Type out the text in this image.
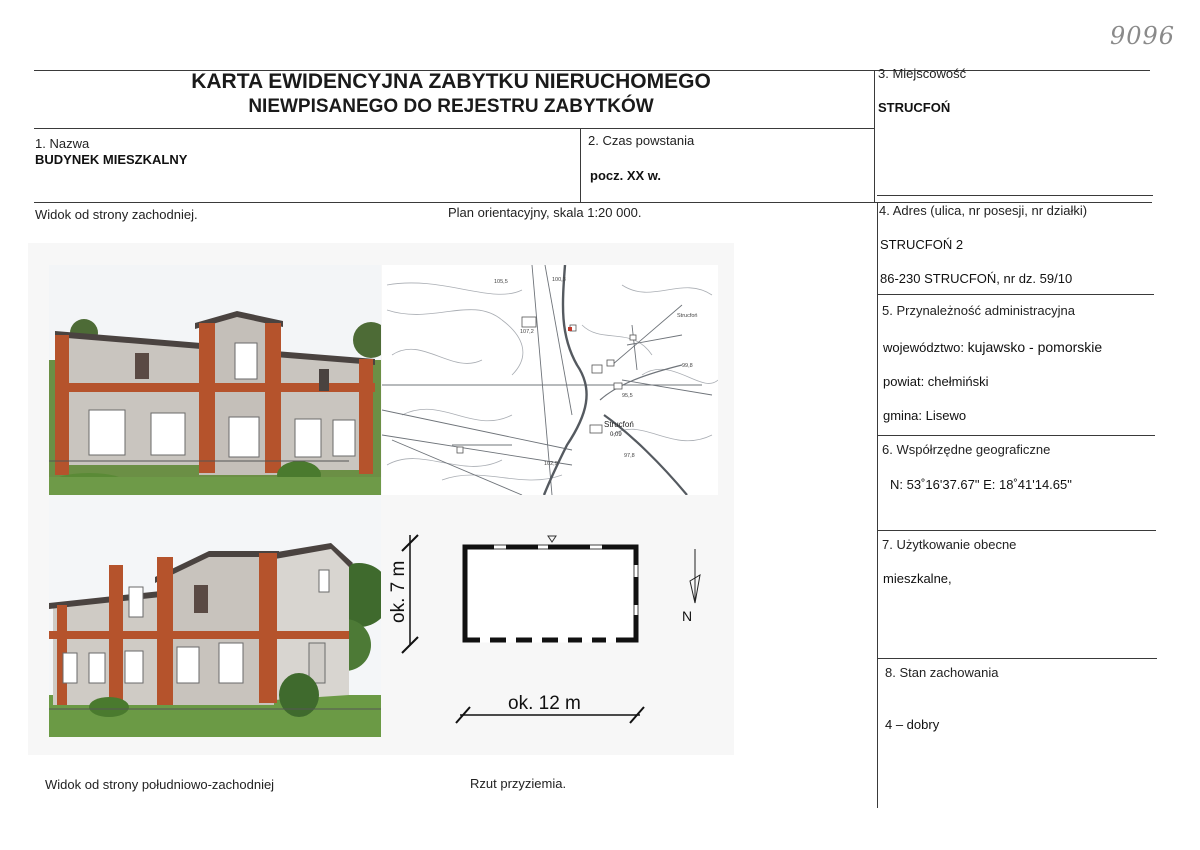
9096
KARTA EWIDENCYJNA ZABYTKU NIERUCHOMEGO
NIEWPISANEGO DO REJESTRU ZABYTKÓW
1. Nazwa
BUDYNEK MIESZKALNY
2. Czas powstania
pocz. XX w.
3. Miejscowość
STRUCFOŃ
4. Adres (ulica, nr posesji, nr działki)
STRUCFOŃ 2
86-230 STRUCFOŃ, nr dz. 59/10
5. Przynależność administracyjna
województwo: kujawsko - pomorskie
powiat: chełmiński
gmina: Lisewo
6. Współrzędne geograficzne
N: 53˚16'37.67" E: 18˚41'14.65"
7. Użytkowanie obecne
mieszkalne,
8. Stan zachowania
4 – dobry
Widok od strony zachodniej.	Plan orientacyjny, skala 1:20 000.
Widok od strony południowo-zachodniej	Rzut przyziemia.
105,5	100,3
107,2
99,8
97,8
102,9
95,5
Strucfoń
Strucfoń
0,09
ok. 7 m
ok. 12 m
N
